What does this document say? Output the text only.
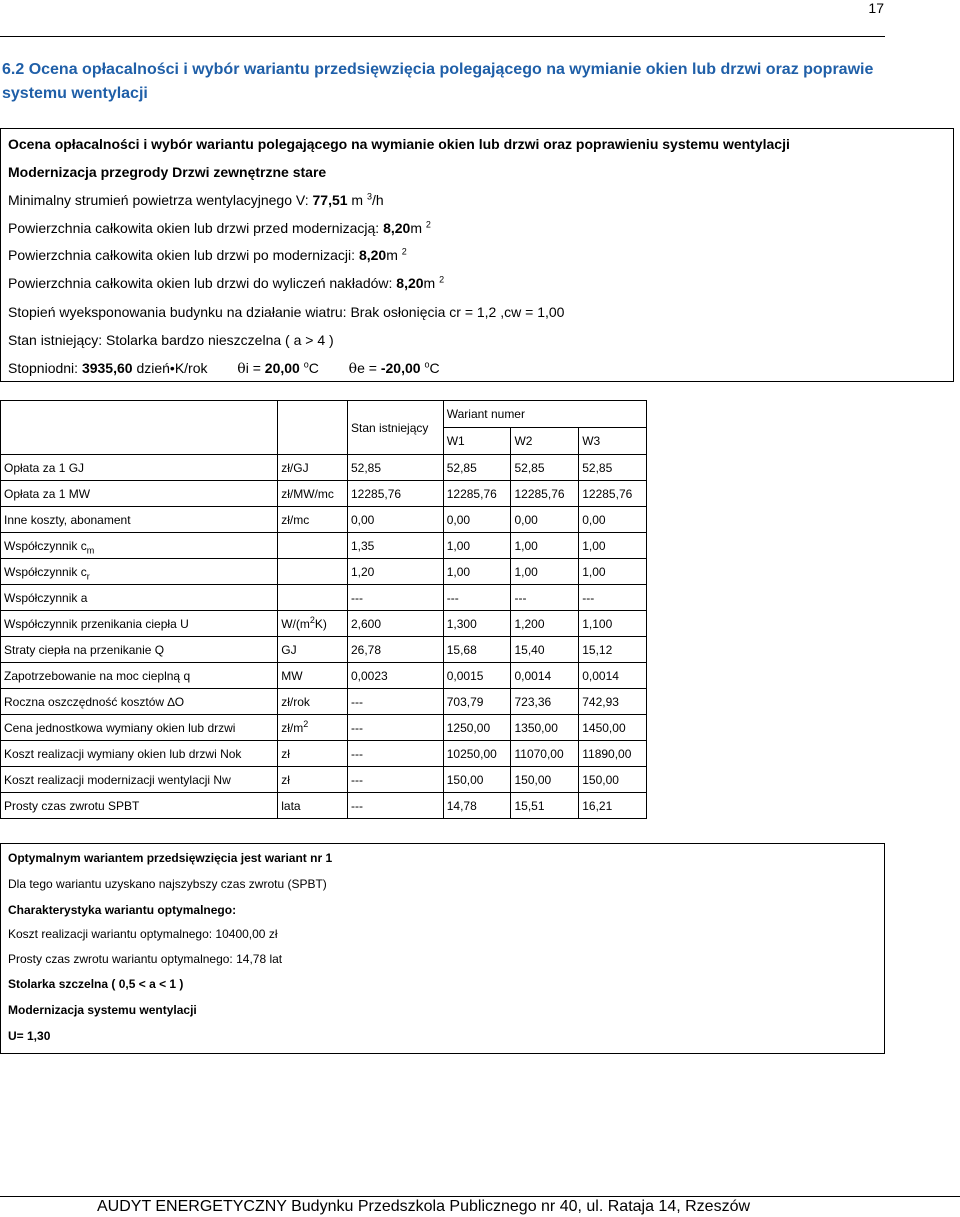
17
6.2 Ocena opłacalności i wybór wariantu przedsięwzięcia polegającego na wymianie okien lub drzwi oraz poprawie systemu wentylacji
Ocena opłacalności i wybór wariantu polegającego na wymianie okien lub drzwi oraz poprawieniu systemu wentylacji
Modernizacja przegrody Drzwi zewnętrzne stare
Minimalny strumień powietrza wentylacyjnego V: 77,51 m $^3$/h
Powierzchnia całkowita okien lub drzwi przed modernizacją: 8,20m $^2$
Powierzchnia całkowita okien lub drzwi po modernizacji: 8,20m $^2$
Powierzchnia całkowita okien lub drzwi do wyliczeń nakładów: 8,20m $^2$
Stopień wyeksponowania budynku na działanie wiatru: Brak osłonięcia cr = 1,2 ,cw = 1,00
Stan istniejący: Stolarka bardzo nieszczelna ( a > 4 )
Stopniodni: 3935,60 dzień•K/rok θi = 20,00 $^o$C θe = -20,00 $^o$C
		Stan istniejący	Wariant numer		
			W1	W2	W3
Opłata za 1 GJ	zł/GJ	52,85	52,85	52,85	52,85
Opłata za 1 MW	zł/MW/mc	12285,76	12285,76	12285,76	12285,76
Inne koszty, abonament	zł/mc	0,00	0,00	0,00	0,00
Współczynnik $c_m$		1,35	1,00	1,00	1,00
Współczynnik $c_r$		1,20	1,00	1,00	1,00
Współczynnik a		---	---	---	---
Współczynnik przenikania ciepła U	$W/(m^2K)$	2,600	1,300	1,200	1,100
Straty ciepła na przenikanie Q	GJ	26,78	15,68	15,40	15,12
Zapotrzebowanie na moc cieplną q	MW	0,0023	0,0015	0,0014	0,0014
Roczna oszczędność kosztów ∆O	zł/rok	---	703,79	723,36	742,93
Cena jednostkowa wymiany okien lub drzwi	$zł/m^2$	---	1250,00	1350,00	1450,00
Koszt realizacji wymiany okien lub drzwi Nok	zł	---	10250,00	11070,00	11890,00
Koszt realizacji modernizacji wentylacji Nw	zł	---	150,00	150,00	150,00
Prosty czas zwrotu SPBT	lata	---	14,78	15,51	16,21
Optymalnym wariantem przedsięwzięcia jest wariant nr 1
Dla tego wariantu uzyskano najszybszy czas zwrotu (SPBT)
Charakterystyka wariantu optymalnego:
Koszt realizacji wariantu optymalnego: 10400,00 zł
Prosty czas zwrotu wariantu optymalnego: 14,78 lat
Stolarka szczelna ( 0,5 < a < 1 )
Modernizacja systemu wentylacji
U= 1,30
AUDYT ENERGETYCZNY Budynku Przedszkola Publicznego nr 40, ul. Rataja 14, Rzeszów
